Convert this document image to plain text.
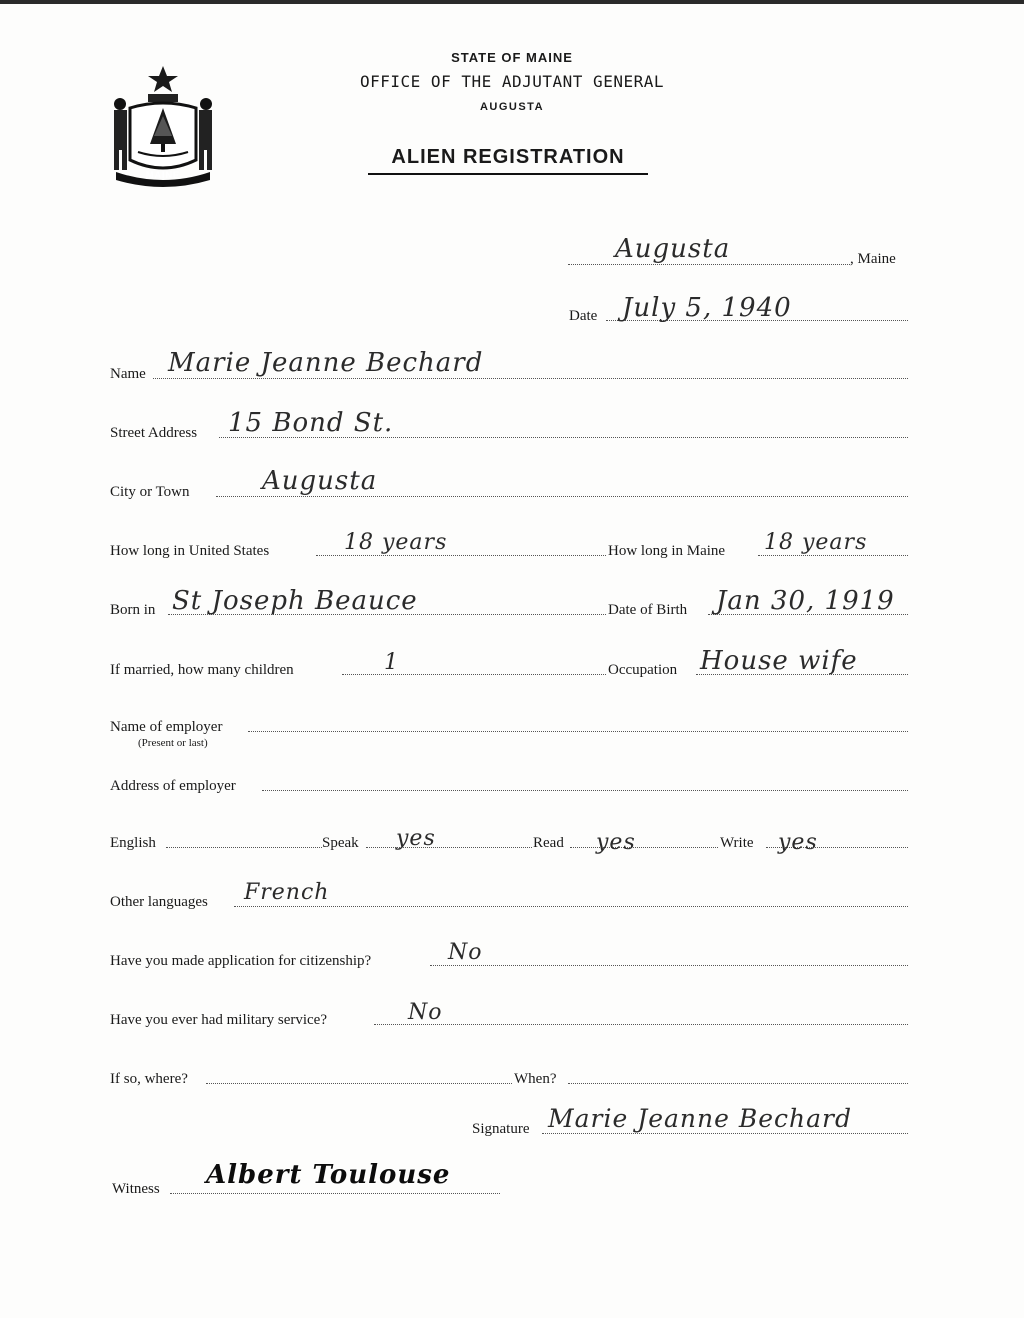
MAINE
STATE OF MAINE
OFFICE OF THE ADJUTANT GENERAL
AUGUSTA
ALIEN REGISTRATION
Augusta	, Maine
Date July 5, 1940
Name Marie Jeanne Bechard
Street Address 15 Bond St.
City or Town	Augusta
How long in United States	18 years	How long in Maine 18 years
Born in St Joseph Beauce	Date of Birth Jan 30, 1919
If married, how many children	1	Occupation House wife
Name of employer
(Present or last)
Address of employer
English	Speak yes	Read yes	Write yes
Other languages French
Have you made application for citizenship?	No
Have you ever had military service?	No
If so, where?	When?
Signature Marie Jeanne Bechard
Witness Albert Toulouse
